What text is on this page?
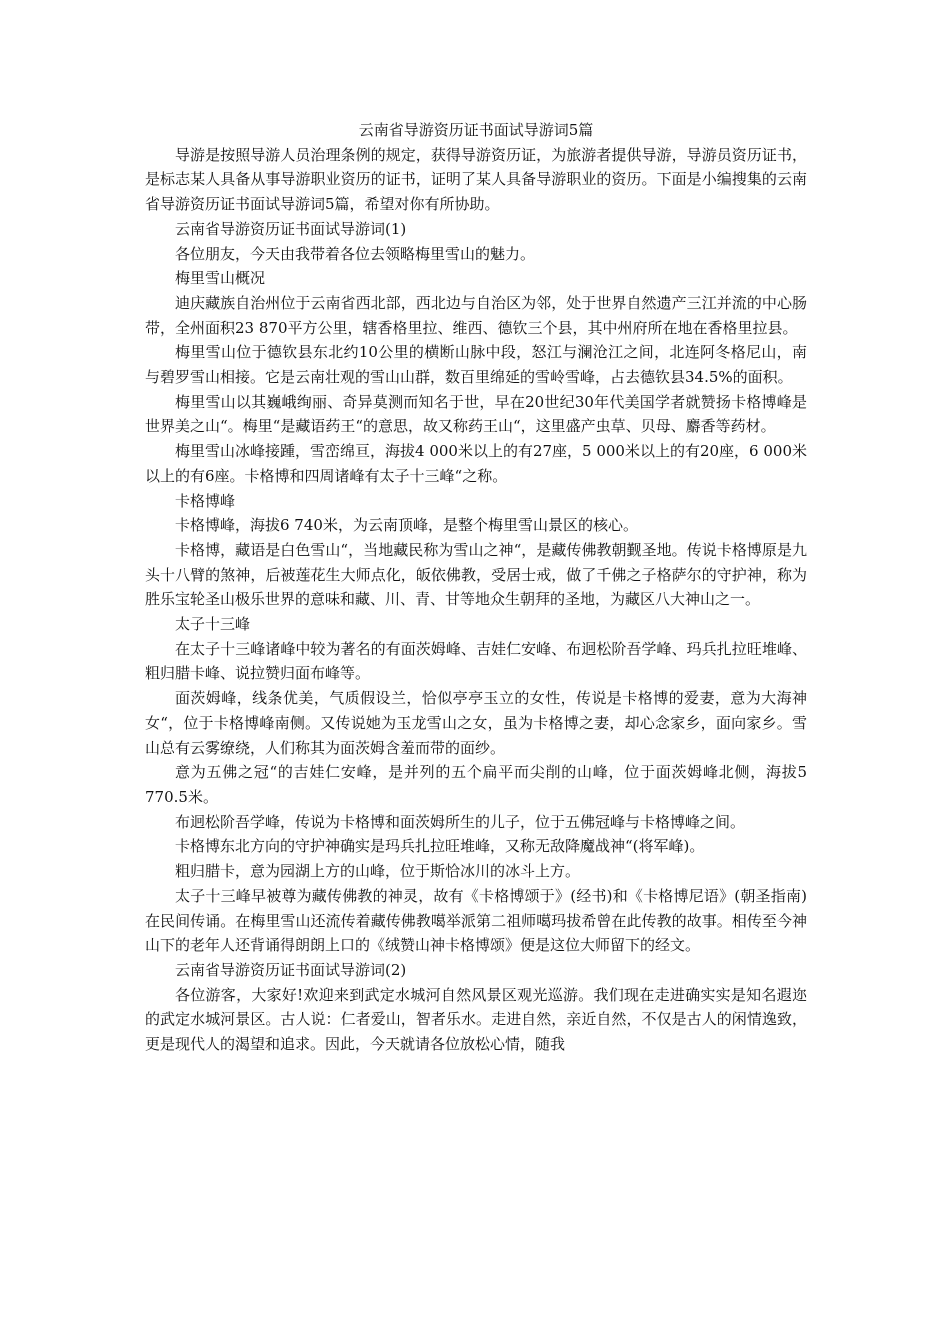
云南省导游资历证书面试导游词5篇

导游是按照导游人员治理条例的规定，获得导游资历证，为旅游者提供导游，导游员资历证书，是标志某人具备从事导游职业资历的证书，证明了某人具备导游职业的资历。下面是小编搜集的云南省导游资历证书面试导游词5篇，希望对你有所协助。

云南省导游资历证书面试导游词(1)

各位朋友，今天由我带着各位去领略梅里雪山的魅力。

梅里雪山概况

迪庆藏族自治州位于云南省西北部，西北边与自治区为邻，处于世界自然遗产三江并流的中心肠带，全州面积23 870平方公里，辖香格里拉、维西、德钦三个县，其中州府所在地在香格里拉县。

梅里雪山位于德钦县东北约10公里的横断山脉中段，怒江与澜沧江之间，北连阿冬格尼山，南与碧罗雪山相接。它是云南壮观的雪山山群，数百里绵延的雪岭雪峰，占去德钦县34.5%的面积。

梅里雪山以其巍峨绚丽、奇异莫测而知名于世，早在20世纪30年代美国学者就赞扬卡格博峰是世界美之山“。梅里“是藏语药王“的意思，故又称药王山“，这里盛产虫草、贝母、麝香等药材。

梅里雪山冰峰接踵，雪峦绵亘，海拔4 000米以上的有27座，5 000米以上的有20座，6 000米以上的有6座。卡格博和四周诸峰有太子十三峰“之称。

卡格博峰

卡格博峰，海拔6 740米，为云南顶峰，是整个梅里雪山景区的核心。

卡格博，藏语是白色雪山“，当地藏民称为雪山之神“，是藏传佛教朝觐圣地。传说卡格博原是九头十八臂的煞神，后被莲花生大师点化，皈依佛教，受居士戒，做了千佛之子格萨尔的守护神，称为胜乐宝轮圣山极乐世界的意味和藏、川、青、甘等地众生朝拜的圣地，为藏区八大神山之一。

太子十三峰

在太子十三峰诸峰中较为著名的有面茨姆峰、吉娃仁安峰、布迥松阶吾学峰、玛兵扎拉旺堆峰、粗归腊卡峰、说拉赞归面布峰等。

面茨姆峰，线条优美，气质假设兰，恰似亭亭玉立的女性，传说是卡格博的爱妻，意为大海神女“，位于卡格博峰南侧。又传说她为玉龙雪山之女，虽为卡格博之妻，却心念家乡，面向家乡。雪山总有云雾缭绕，人们称其为面茨姆含羞而带的面纱。

意为五佛之冠“的吉娃仁安峰，是并列的五个扁平而尖削的山峰，位于面茨姆峰北侧，海拔5 770.5米。

布迥松阶吾学峰，传说为卡格博和面茨姆所生的儿子，位于五佛冠峰与卡格博峰之间。

卡格博东北方向的守护神确实是玛兵扎拉旺堆峰，又称无敌降魔战神“(将军峰)。

粗归腊卡，意为园湖上方的山峰，位于斯恰冰川的冰斗上方。

太子十三峰早被尊为藏传佛教的神灵，故有《卡格博颂于》(经书)和《卡格博尼语》(朝圣指南)在民间传诵。在梅里雪山还流传着藏传佛教噶举派第二祖师噶玛拔希曾在此传教的故事。相传至今神山下的老年人还背诵得朗朗上口的《绒赞山神卡格博颂》便是这位大师留下的经文。

云南省导游资历证书面试导游词(2)

各位游客，大家好!欢迎来到武定水城河自然风景区观光巡游。我们现在走进确实实是知名遐迩的武定水城河景区。古人说：仁者爱山，智者乐水。走进自然，亲近自然，不仅是古人的闲情逸致，更是现代人的渴望和追求。因此，今天就请各位放松心情，随我
